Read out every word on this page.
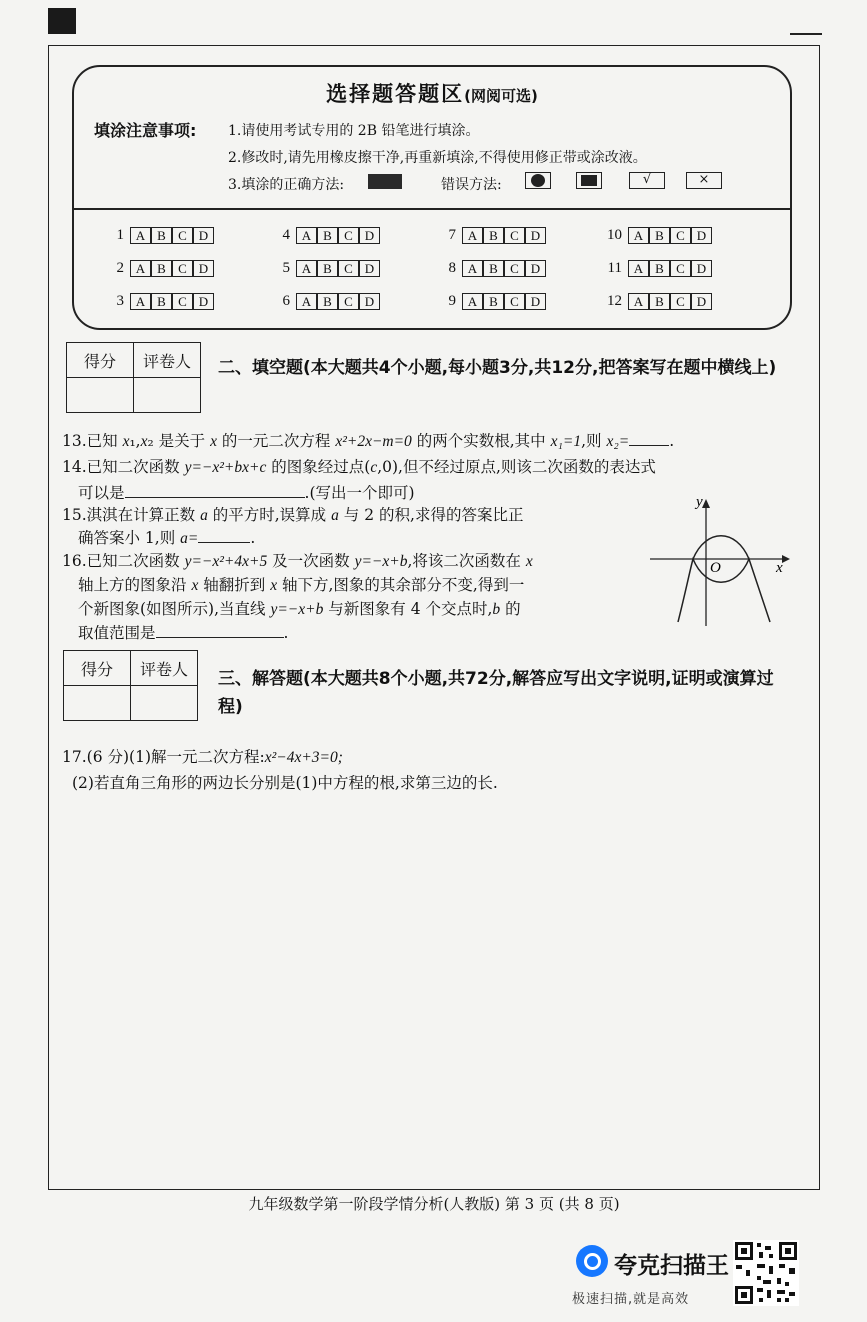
选择题答题区(网阅可选)
填涂注意事项: 1.请使用考试专用的 2B 铅笔进行填涂。
2.修改时,请先用橡皮擦干净,再重新填涂,不得使用修正带或涂改液。
3.填涂的正确方法:	错误方法:	√	×
1 A B C D
2 A B C D
3 A B C D
4 A B C D
5 A B C D
6 A B C D
7 A B C D
8 A B C D
9 A B C D
10 A B C D
11 A B C D
12 A B C D
得分	评卷人
	二、填空题(本大题共4个小题,每小题3分,共12分,把答案写在题中横线上)
13.已知 x₁,x₂ 是关于 x 的一元二次方程 x²+2x−m=0 的两个实数根,其中 x₁=1,则 x₂=	.
14.已知二次函数 y=−x²+bx+c 的图象经过点(c,0),但不经过原点,则该二次函数的表达式
可以是	.(写出一个即可)
15.淇淇在计算正数 a 的平方时,误算成 a 与 2 的积,求得的答案比正
确答案小 1,则 a=	.
16.已知二次函数 y=−x²+4x+5 及一次函数 y=−x+b,将该二次函数在 x
轴上方的图象沿 x 轴翻折到 x 轴下方,图象的其余部分不变,得到一
个新图象(如图所示),当直线 y=−x+b 与新图象有 4 个交点时,b 的
取值范围是	.
y
x
O
得分	评卷人
	三、解答题(本大题共8个小题,共72分,解答应写出文字说明,证明或演算过程)
17.(6 分)(1)解一元二次方程:x²−4x+3=0;
(2)若直角三角形的两边长分别是(1)中方程的根,求第三边的长.
九年级数学第一阶段学情分析(人教版) 第 3 页 (共 8 页)
夸克扫描王
极速扫描,就是高效
